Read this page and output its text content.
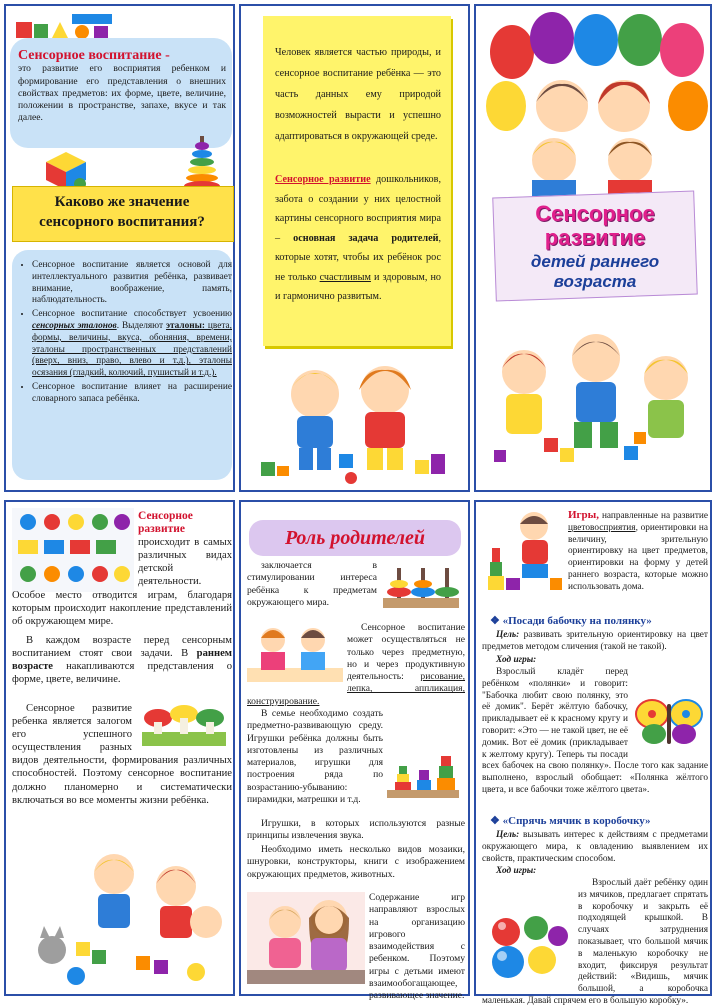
Сенсорное воспитание -
это развитие его восприятия ребенком и формирование его представления о внешних свойствах предметов: их форме, цвете, величине, положении в пространстве, запахе, вкусе и так далее.
Каково же значение сенсорного воспитания?
• Сенсорное воспитание является основой для интеллектуального развития ребёнка, развивает внимание, воображение, память, наблюдательность.
• Сенсорное воспитание способствует усвоению сенсорных эталонов. Выделяют эталоны: цвета, формы, величины, вкуса, обоняния, времени, эталоны пространственных представлений (вверх, вниз, право, влево и т.д.), эталоны осязания (гладкий, колючий, пушистый и т.д.).
• Сенсорное воспитание влияет на расширение словарного запаса ребёнка.
Человек является частью природы, и сенсорное воспитание ребёнка — это часть данных ему природой возможностей вырасти и успешно адаптироваться в окружающей среде.
Сенсорное развитие дошкольников, забота о создании у них целостной картины сенсорного восприятия мира – основная задача родителей, которые хотят, чтобы их ребёнок рос не только счастливым и здоровым, но и гармонично развитым.
Сенсорное развитие
детей раннего возраста
Сенсорное развитие происходит в самых различных видах детской деятельности. Особое место отводится играм, благодаря которым происходит накопление представлений об окружающем мире.
В каждом возрасте перед сенсорным воспитанием стоят свои задачи. В раннем возрасте накапливаются представления о форме, цвете, величине.
Сенсорное развитие ребенка является залогом его успешного осуществления разных видов деятельности, формирования различных способностей. Поэтому сенсорное воспитание должно планомерно и систематически включаться во все моменты жизни ребёнка.
Роль родителей
заключается в стимулировании интереса ребёнка к предметам окружающего мира.
Сенсорное воспитание может осуществляться не только через предметную, но и через продуктивную деятельность: рисование, лепка, аппликация, конструирование.
В семье необходимо создать предметно-развивающую среду. Игрушки ребёнка должны быть изготовлены из различных материалов, игрушки для построения ряда по возрастанию-убыванию: пирамидки, матрешки и т.д.
Игрушки, в которых используются разные принципы извлечения звука.
Необходимо иметь несколько видов мозаики, шнуровки, конструкторы, книги с изображением окружающих предметов, животных.
Содержание игр направляют взрослых на организацию игрового взаимодействия с ребенком. Поэтому игры с детьми имеют взаимообогащающее, развивающее значение.
Игры, направленные на развитие цветовосприятия, ориентировки на величину, зрительную ориентировку на цвет предметов, ориентировки на форму у детей раннего возраста, которые можно использовать дома.
❖ «Посади бабочку на полянку»
Цель: развивать зрительную ориентировку на цвет предметов методом сличения (такой не такой).
Ход игры:
Взрослый кладёт перед ребёнком «полянки» и говорит: "Бабочка любит свою полянку, это её домик". Берёт жёлтую бабочку, прикладывает её к красному кругу и говорит: «Это — не такой цвет, не её домик. Вот её домик (прикладывает к желтому кругу). Теперь ты посади всех бабочек на свою полянку». После того как задание выполнено, взрослый обобщает: «Полянка жёлтого цвета, и все бабочки тоже жёлтого цвета».
❖ «Спрячь мячик в коробочку»
Цель: вызывать интерес к действиям с предметами окружающего мира, к овладению выявлением их свойств, практическим способом.
Ход игры:
Взрослый даёт ребёнку один из мячиков, предлагает спрятать в коробочку и закрыть её подходящей крышкой. В случаях затруднения показывает, что большой мячик в маленькую коробочку не входит, фиксируя результат действий: «Видишь, мячик большой, а коробочка маленькая. Давай спрячем его в большую коробку».
